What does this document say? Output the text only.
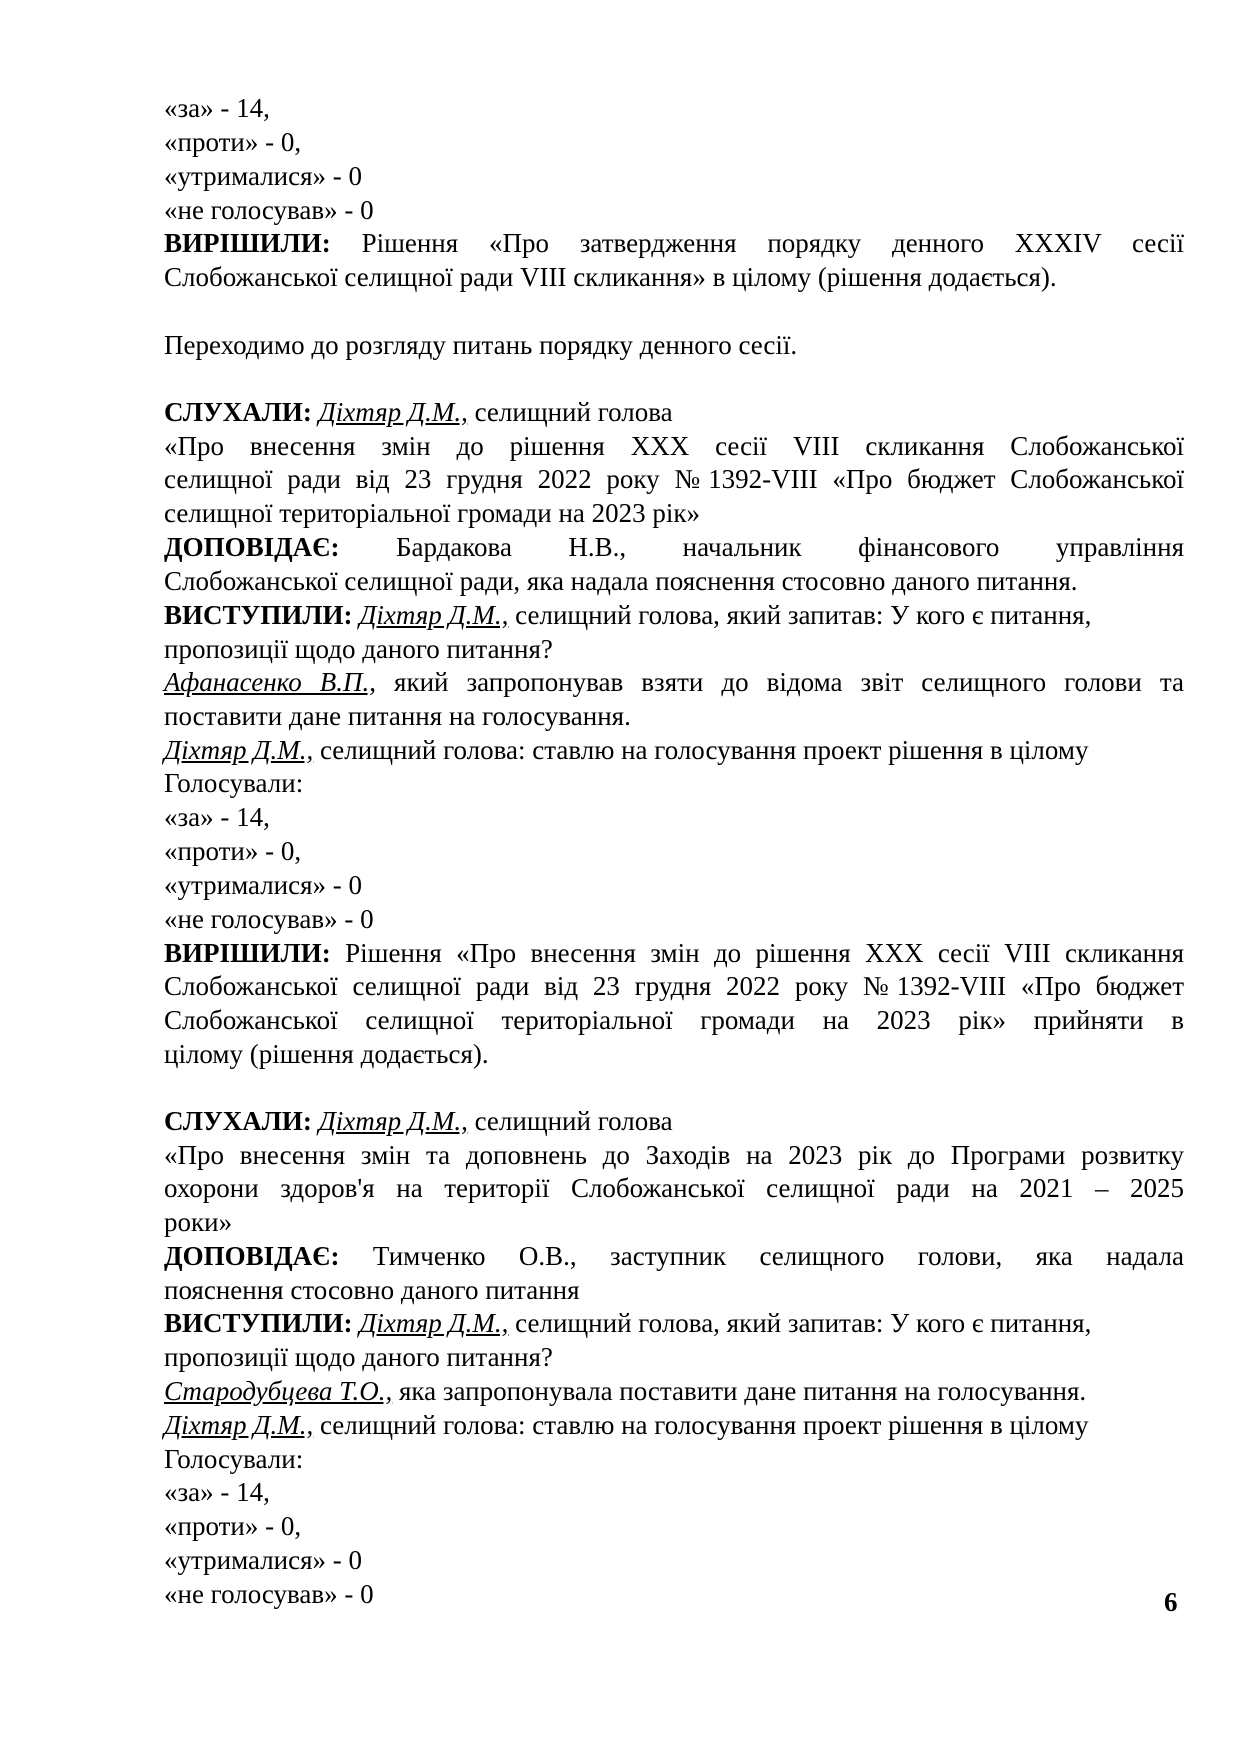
«за» - 14,
«проти» - 0,
«утрималися» - 0
«не голосував» - 0
ВИРІШИЛИ: Рішення «Про затвердження порядку денного XXXIV сесії
Слобожанської селищної ради VIII скликання» в цілому (рішення додається).
Переходимо до розгляду питань порядку денного сесії.
СЛУХАЛИ: Діхтяр Д.М., селищний голова
«Про внесення змін до рішення XXX сесії VIII скликання Слобожанської
селищної ради від 23 грудня 2022 року №1392-VIII «Про бюджет Слобожанської
селищної територіальної громади на 2023 рік»
ДОПОВІДАЄ: Бардакова Н.В., начальник фінансового управління
Слобожанської селищної ради, яка надала пояснення стосовно даного питання.
ВИСТУПИЛИ: Діхтяр Д.М., селищний голова, який запитав: У кого є питання,
пропозиції щодо даного питання?
Афанасенко В.П., який запропонував взяти до відома звіт селищного голови та
поставити дане питання на голосування.
Діхтяр Д.М., селищний голова: ставлю на голосування проект рішення в цілому
Голосували:
«за» - 14,
«проти» - 0,
«утрималися» - 0
«не голосував» - 0
ВИРІШИЛИ: Рішення «Про внесення змін до рішення XXX сесії VIII скликання
Слобожанської селищної ради від 23 грудня 2022 року №1392-VIII «Про бюджет
Слобожанської селищної територіальної громади на 2023 рік» прийняти в
цілому (рішення додається).
СЛУХАЛИ: Діхтяр Д.М., селищний голова
«Про внесення змін та доповнень до Заходів на 2023 рік до Програми розвитку
охорони здоров'я на території Слобожанської селищної ради на 2021 – 2025
роки»
ДОПОВІДАЄ: Тимченко О.В., заступник селищного голови, яка надала
пояснення стосовно даного питання
ВИСТУПИЛИ: Діхтяр Д.М., селищний голова, який запитав: У кого є питання,
пропозиції щодо даного питання?
Стародубцева Т.О., яка запропонувала поставити дане питання на голосування.
Діхтяр Д.М., селищний голова: ставлю на голосування проект рішення в цілому
Голосували:
«за» - 14,
«проти» - 0,
«утрималися» - 0
«не голосував» - 0	6
